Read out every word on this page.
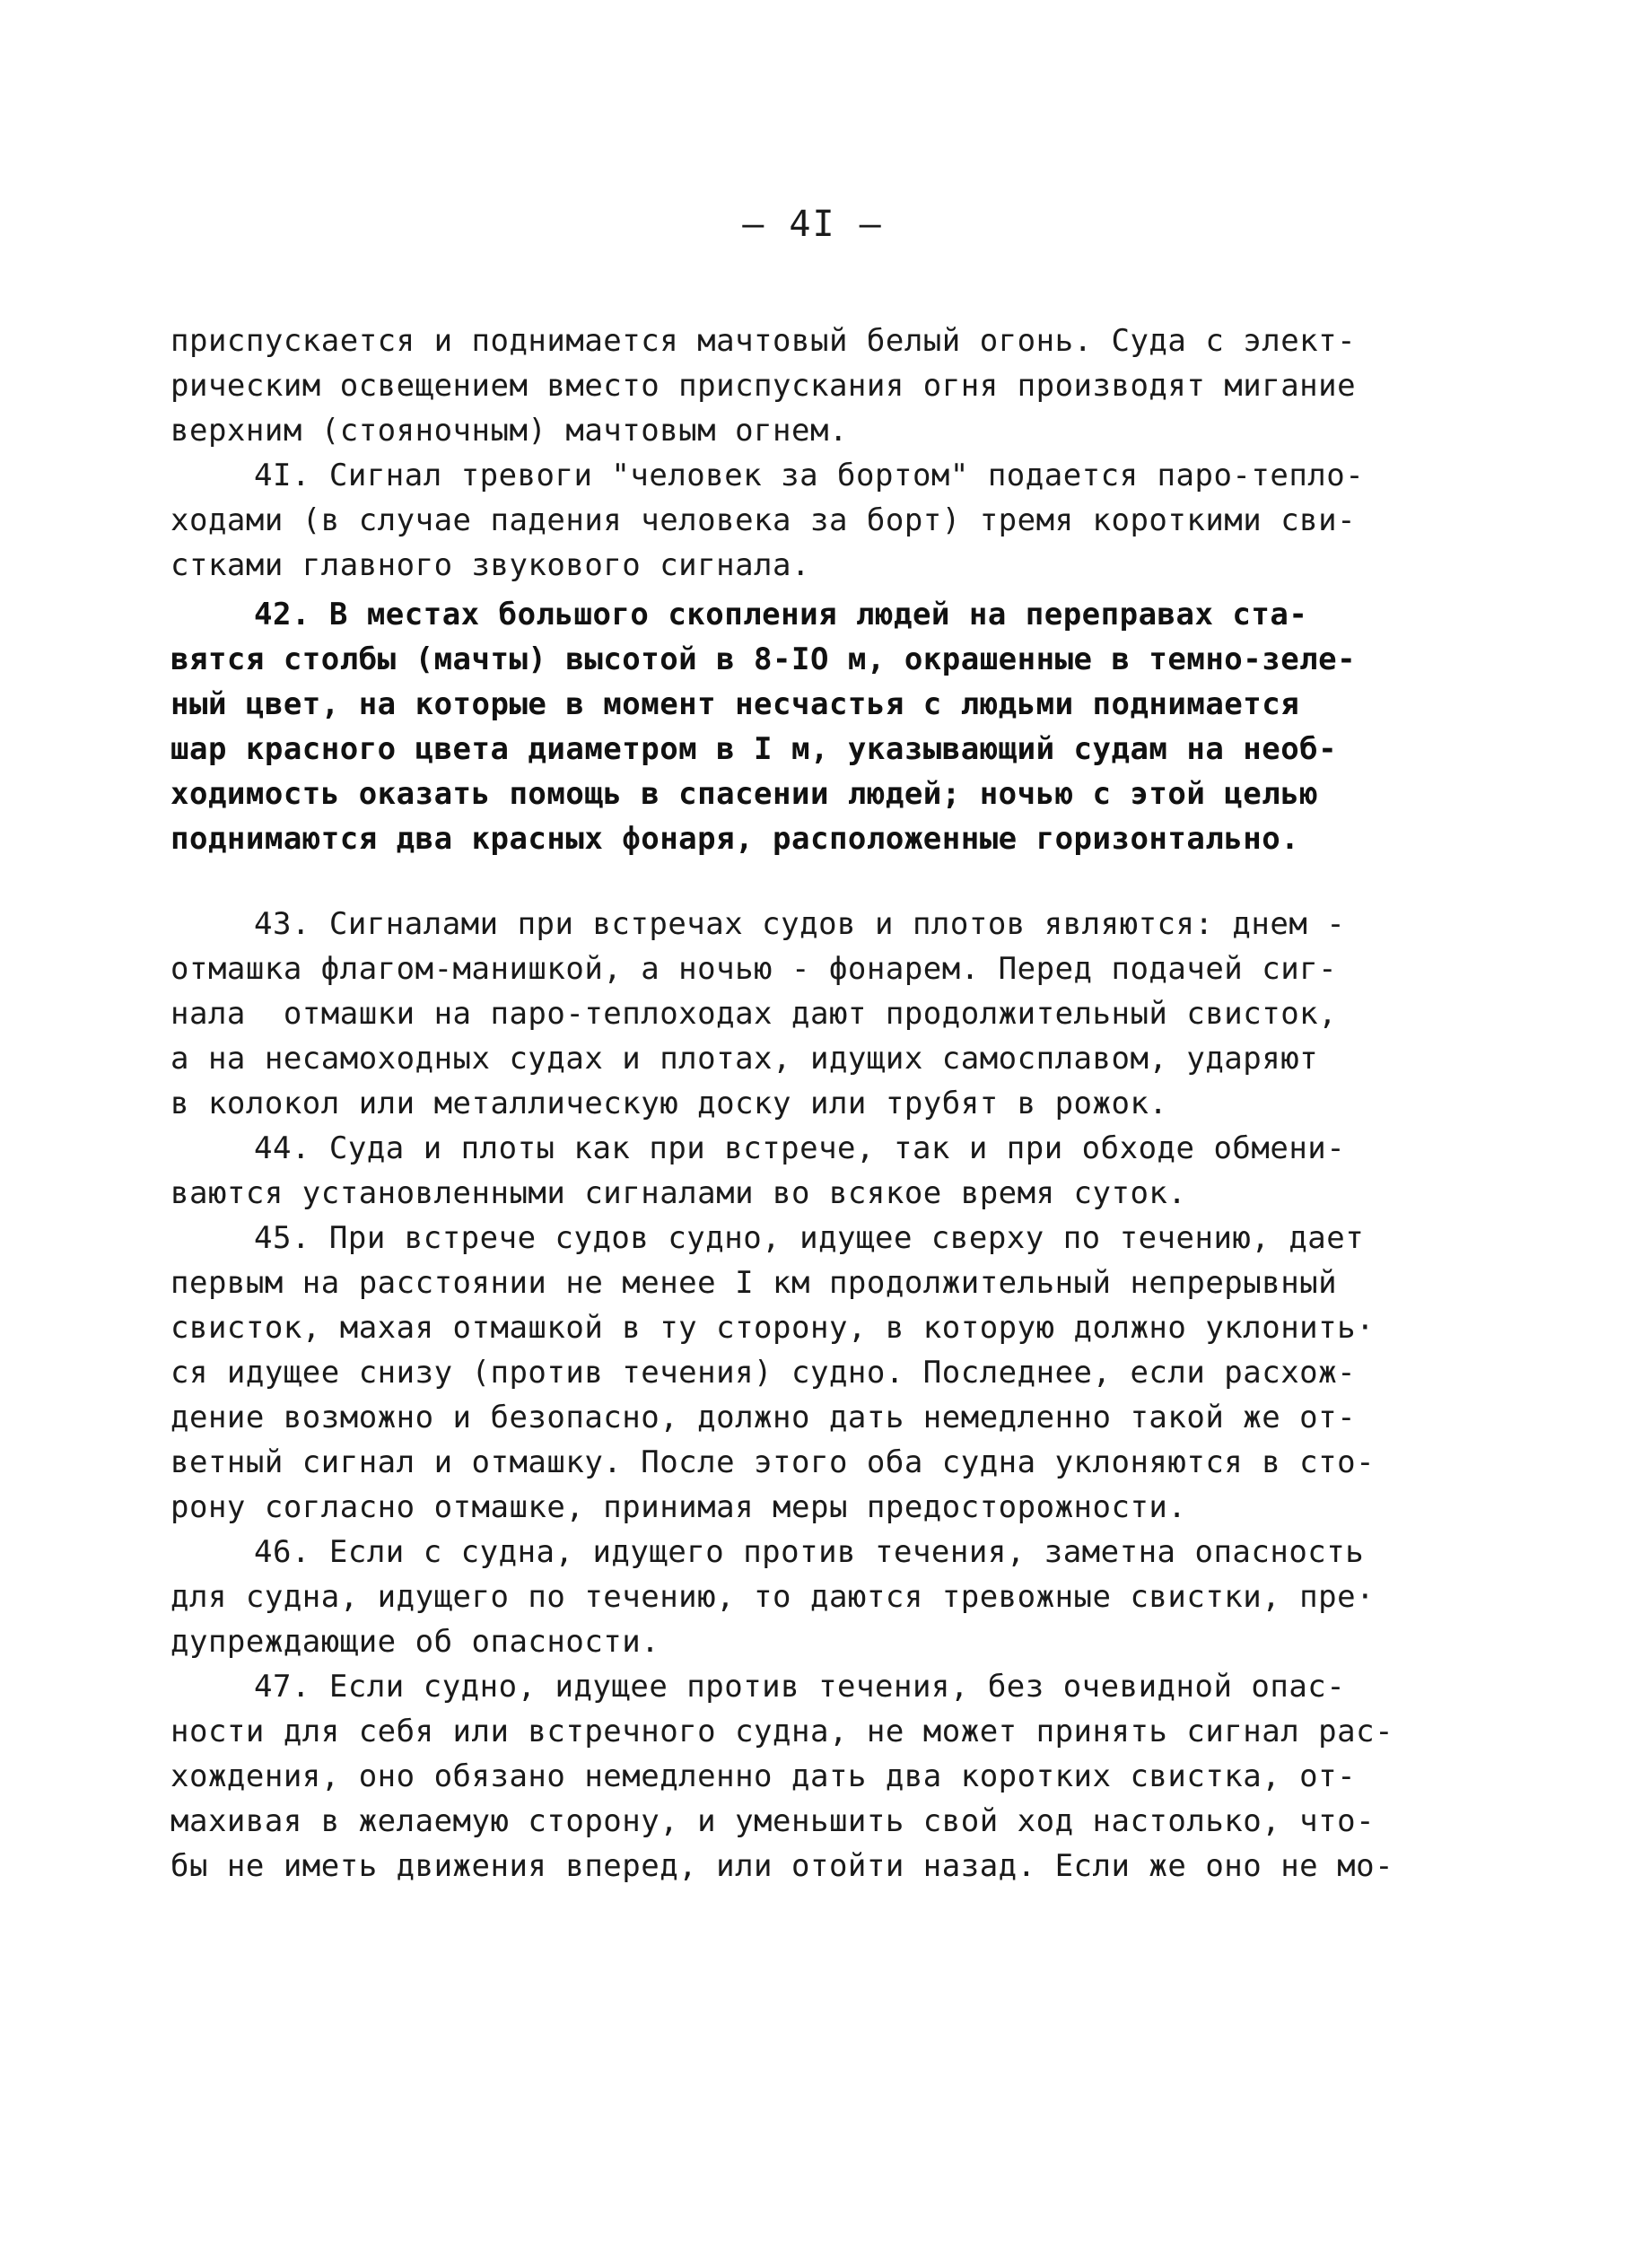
— 4I —
приспускается и поднимается мачтовый белый огонь. Суда с элект-
рическим освещением вместо приспускания огня производят мигание
верхним (стояночным) мачтовым огнем.
4I. Сигнал тревоги "человек за бортом" подается паро-тепло-
ходами (в случае падения человека за борт) тремя короткими сви-
стками главного звукового сигнала.
42. В местах большого скопления людей на переправах ста-
вятся столбы (мачты) высотой в 8-IО м, окрашенные в темно-зеле-
ный цвет, на которые в момент несчастья с людьми поднимается
шар красного цвета диаметром в I м, указывающий судам на необ-
ходимость оказать помощь в спасении людей; ночью с этой целью
поднимаются два красных фонаря, расположенные горизонтально.
43. Сигналами при встречах судов и плотов являются: днем -
отмашка флагом-манишкой, а ночью - фонарем. Перед подачей сиг-
нала  отмашки на паро-теплоходах дают продолжительный свисток,
а на несамоходных судах и плотах, идущих самосплавом, ударяют
в колокол или металлическую доску или трубят в рожок.
44. Суда и плоты как при встрече, так и при обходе обмени-
ваются установленными сигналами во всякое время суток.
45. При встрече судов судно, идущее сверху по течению, дает
первым на расстоянии не менее I км продолжительный непрерывный
свисток, махая отмашкой в ту сторону, в которую должно уклонить·
ся идущее снизу (против течения) судно. Последнее, если расхож-
дение возможно и безопасно, должно дать немедленно такой же от-
ветный сигнал и отмашку. После этого оба судна уклоняются в сто-
рону согласно отмашке, принимая меры предосторожности.
46. Если с судна, идущего против течения, заметна опасность
для судна, идущего по течению, то даются тревожные свистки, пре·
дупреждающие об опасности.
47. Если судно, идущее против течения, без очевидной опас-
ности для себя или встречного судна, не может принять сигнал рас-
хождения, оно обязано немедленно дать два коротких свистка, от-
махивая в желаемую сторону, и уменьшить свой ход настолько, что-
бы не иметь движения вперед, или отойти назад. Если же оно не мо-
